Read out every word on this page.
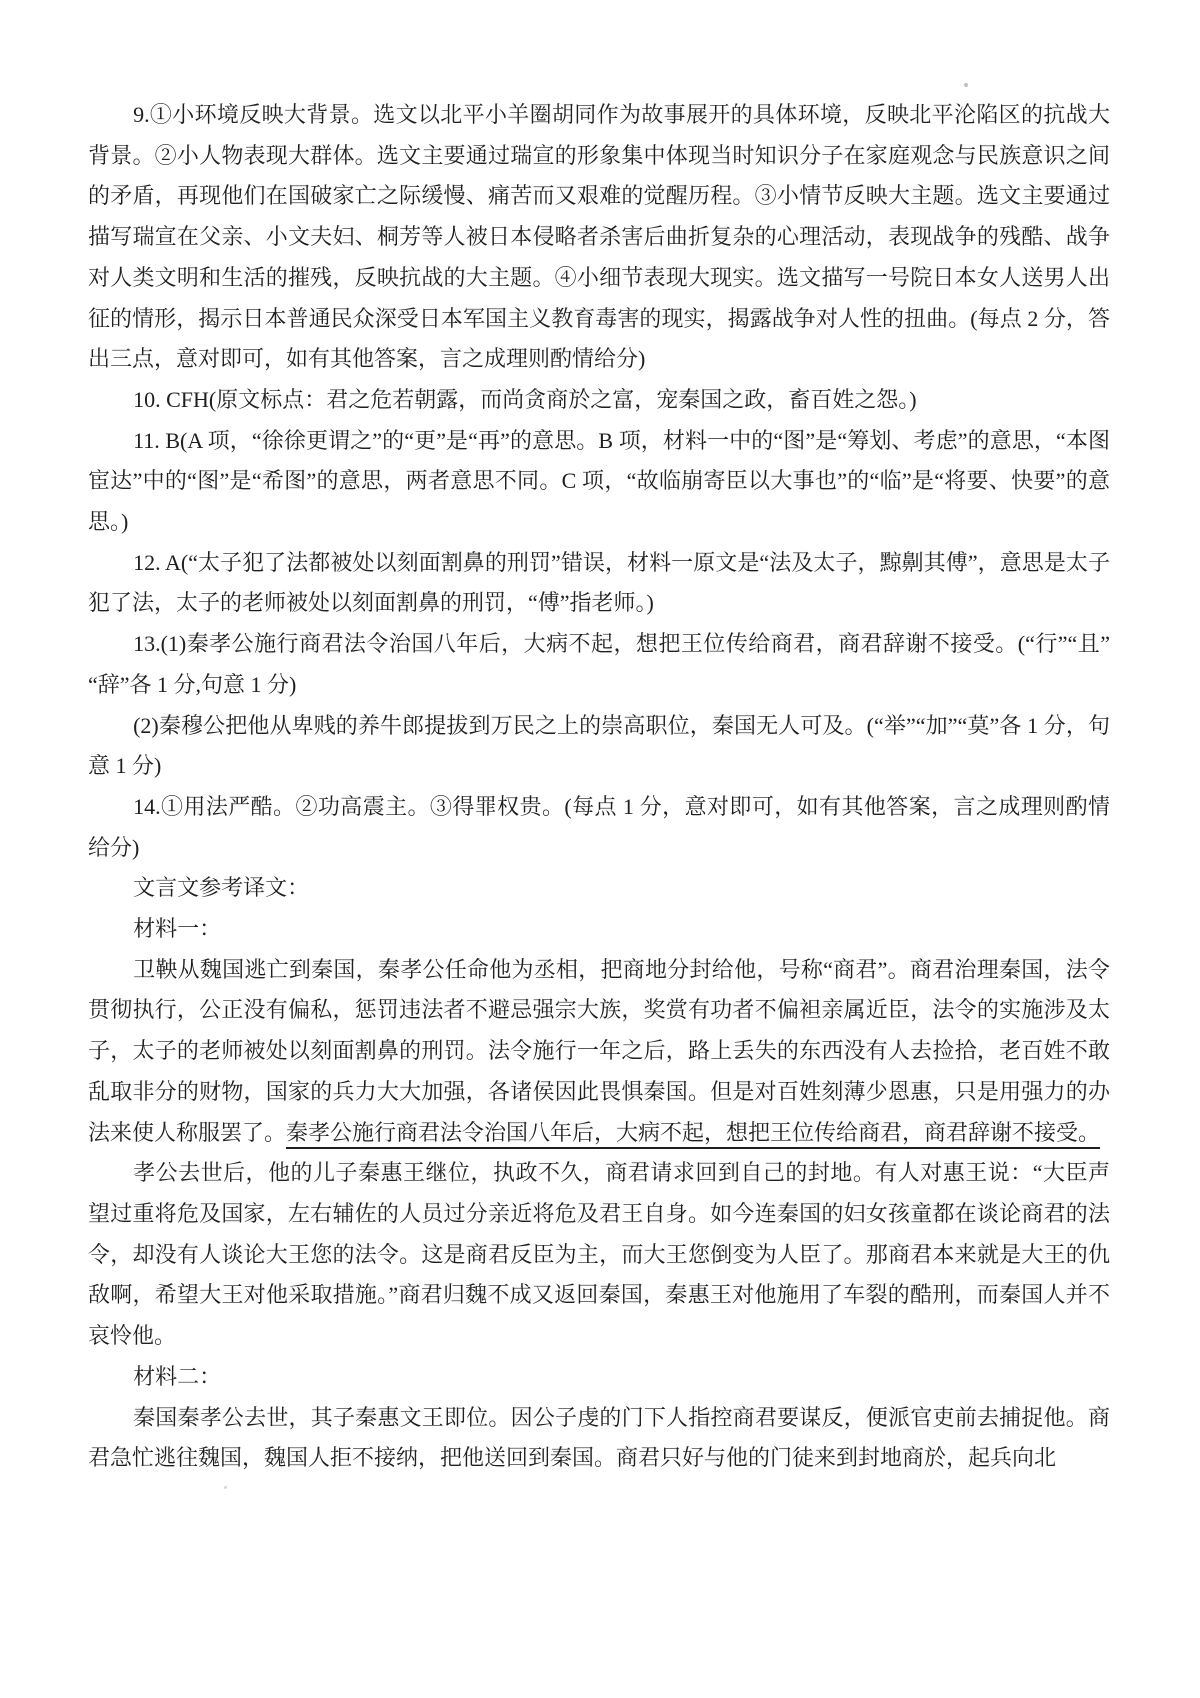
9.①小环境反映大背景。选文以北平小羊圈胡同作为故事展开的具体环境，反映北平沦陷区的抗战大背景。②小人物表现大群体。选文主要通过瑞宣的形象集中体现当时知识分子在家庭观念与民族意识之间的矛盾，再现他们在国破家亡之际缓慢、痛苦而又艰难的觉醒历程。③小情节反映大主题。选文主要通过描写瑞宣在父亲、小文夫妇、桐芳等人被日本侵略者杀害后曲折复杂的心理活动，表现战争的残酷、战争对人类文明和生活的摧残，反映抗战的大主题。④小细节表现大现实。选文描写一号院日本女人送男人出征的情形，揭示日本普通民众深受日本军国主义教育毒害的现实，揭露战争对人性的扭曲。(每点 2 分，答出三点，意对即可，如有其他答案，言之成理则酌情给分)

10. CFH(原文标点：君之危若朝露，而尚贪商於之富，宠秦国之政，畜百姓之怨。)

11. B(A 项，“徐徐更谓之”的“更”是“再”的意思。B 项，材料一中的“图”是“筹划、考虑”的意思，“本图宦达”中的“图”是“希图”的意思，两者意思不同。C 项，“故临崩寄臣以大事也”的“临”是“将要、快要”的意思。)

12. A(“太子犯了法都被处以刻面割鼻的刑罚”错误，材料一原文是“法及太子，黥劓其傅”，意思是太子犯了法，太子的老师被处以刻面割鼻的刑罚，“傅”指老师。)

13.(1)秦孝公施行商君法令治国八年后，大病不起，想把王位传给商君，商君辞谢不接受。(“行”“且”“辞”各 1 分,句意 1 分)

(2)秦穆公把他从卑贱的养牛郎提拔到万民之上的崇高职位，秦国无人可及。(“举”“加”“莫”各 1 分，句意 1 分)

14.①用法严酷。②功高震主。③得罪权贵。(每点 1 分，意对即可，如有其他答案，言之成理则酌情给分)

文言文参考译文：

材料一：

卫鞅从魏国逃亡到秦国，秦孝公任命他为丞相，把商地分封给他，号称“商君”。商君治理秦国，法令贯彻执行，公正没有偏私，惩罚违法者不避忌强宗大族，奖赏有功者不偏袒亲属近臣，法令的实施涉及太子，太子的老师被处以刻面割鼻的刑罚。法令施行一年之后，路上丢失的东西没有人去捡拾，老百姓不敢乱取非分的财物，国家的兵力大大加强，各诸侯因此畏惧秦国。但是对百姓刻薄少恩惠，只是用强力的办法来使人称服罢了。秦孝公施行商君法令治国八年后，大病不起，想把王位传给商君，商君辞谢不接受。

孝公去世后，他的儿子秦惠王继位，执政不久，商君请求回到自己的封地。有人对惠王说：“大臣声望过重将危及国家，左右辅佐的人员过分亲近将危及君王自身。如今连秦国的妇女孩童都在谈论商君的法令，却没有人谈论大王您的法令。这是商君反臣为主，而大王您倒变为人臣了。那商君本来就是大王的仇敌啊，希望大王对他采取措施。”商君归魏不成又返回秦国，秦惠王对他施用了车裂的酷刑，而秦国人并不哀怜他。

材料二：

秦国秦孝公去世，其子秦惠文王即位。因公子虔的门下人指控商君要谋反，便派官吏前去捕捉他。商君急忙逃往魏国，魏国人拒不接纳，把他送回到秦国。商君只好与他的门徒来到封地商於，起兵向北
